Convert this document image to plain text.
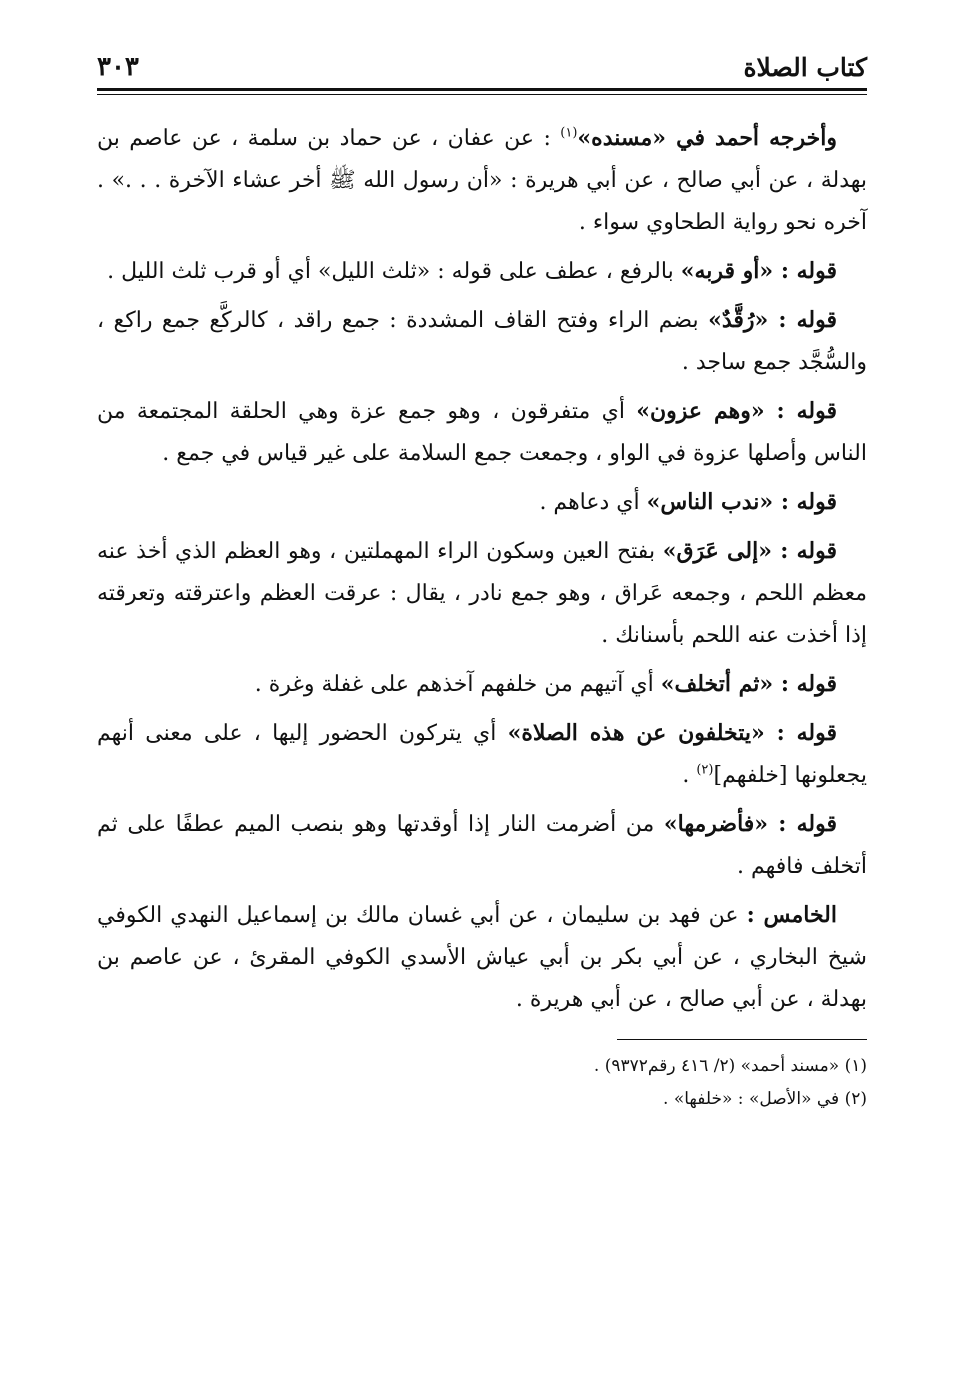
كتاب الصلاة
٣٠٣

وأخرجه أحمد في «مسنده»$^{(١)}$ : عن عفان ، عن حماد بن سلمة ، عن عاصم بن بهدلة ، عن أبي صالح ، عن أبي هريرة : «أن رسول الله ﷺ أخر عشاء الآخرة . . .» . آخره نحو رواية الطحاوي سواء .

قوله : «أو قربه» بالرفع ، عطف على قوله : «ثلث الليل» أي أو قرب ثلث الليل .

قوله : «رُقَّدٌ» بضم الراء وفتح القاف المشددة : جمع راقد ، كالركَّع جمع راكع ، والسُّجَّد جمع ساجد .

قوله : «وهم عزون» أي متفرقون ، وهو جمع عزة وهي الحلقة المجتمعة من الناس وأصلها عزوة في الواو ، وجمعت جمع السلامة على غير قياس في جمع .

قوله : «ندب الناس» أي دعاهم .

قوله : «إلى عَرَق» بفتح العين وسكون الراء المهملتين ، وهو العظم الذي أخذ عنه معظم اللحم ، وجمعه عَراق ، وهو جمع نادر ، يقال : عرقت العظم واعترقته وتعرقته إذا أخذت عنه اللحم بأسنانك .

قوله : «ثم أتخلف» أي آتيهم من خلفهم آخذهم على غفلة وغرة .

قوله : «يتخلفون عن هذه الصلاة» أي يتركون الحضور إليها ، على معنى أنهم يجعلونها [خلفهم]$^{(٢)}$ .

قوله : «فأضرمها» من أضرمت النار إذا أوقدتها وهو بنصب الميم عطفًا على ثم أتخلف فافهم .

الخامس : عن فهد بن سليمان ، عن أبي غسان مالك بن إسماعيل النهدي الكوفي شيخ البخاري ، عن أبي بكر بن أبي عياش الأسدي الكوفي المقرئ ، عن عاصم بن بهدلة ، عن أبي صالح ، عن أبي هريرة .

(١) «مسند أحمد» (٢/ ٤١٦ رقم٩٣٧٢) .

(٢) في «الأصل» : «خلفها» .
